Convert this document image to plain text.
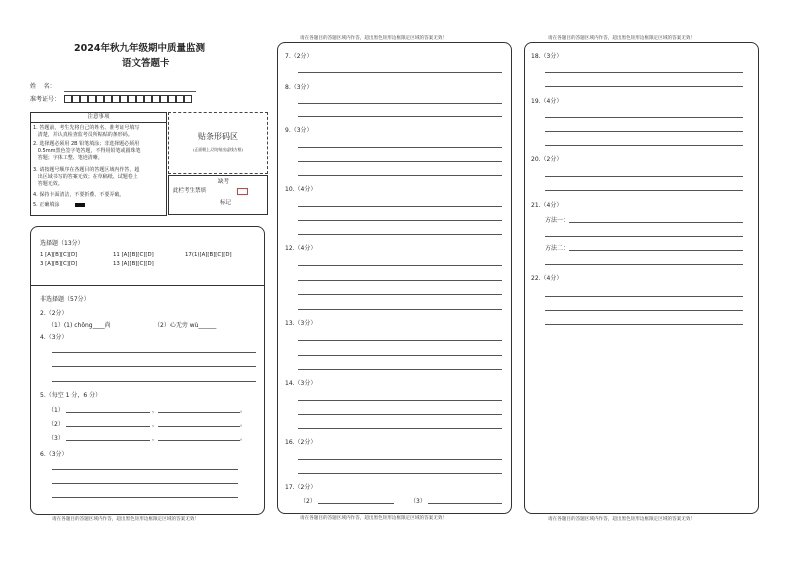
2024年秋九年级期中质量监测
语文答题卡
姓    名：
准考证号：
注意事项
1. 答题前，考生先将自己的姓名、准考证号填写
清楚，并认真检查监考员所粘贴的条形码。
2. 选择题必须用 2B 铅笔填涂；非选择题必须用
0.5mm黑色签字笔答题，不得用铅笔或圆珠笔
答题；字体工整、笔迹清晰。
3. 请按题号顺序在各题目的答题区域内作答，超
出区域书写的答案无效；在草稿纸、试题卷上
答题无效。
4. 保持卡面清洁，不要折叠、不要弄破。
5. 正确填涂
贴条形码区
(正面朝上,切勿贴出虚线方框)
缺考
此栏考生禁填
标记
选择题（13分）
1 [A][B][C][D]	11 [A][B][C][D]	17(1)[A][B][C][D]
3 [A][B][C][D]	13 [A][B][C][D]
非选择题（57分）
2.（2分）
（1）(1) chōng____尚	（2）心无旁 wù______
4.（3分）
5.（每空 1 分，6 分）
（1）	，	。
（2）	，	。
（3）	，	。
6.（3分）
请在各题目的答题区域内作答，超出黑色矩形边框限定区域的答案无效！
请在各题目的答题区域内作答，超出黑色矩形边框限定区域的答案无效！
7.（2分）
8.（3分）
9.（3分）
10.（4分）
12.（4分）
13.（3分）
14.（3分）
16.（2分）
17.（2分）
（2）	（3）
请在各题目的答题区域内作答，超出黑色矩形边框限定区域的答案无效！
请在各题目的答题区域内作答，超出黑色矩形边框限定区域的答案无效！
18.（3分）
19.（4分）
20.（2分）
21.（4分）
方法一：
方法二：
22.（4分）
请在各题目的答题区域内作答，超出黑色矩形边框限定区域的答案无效！
